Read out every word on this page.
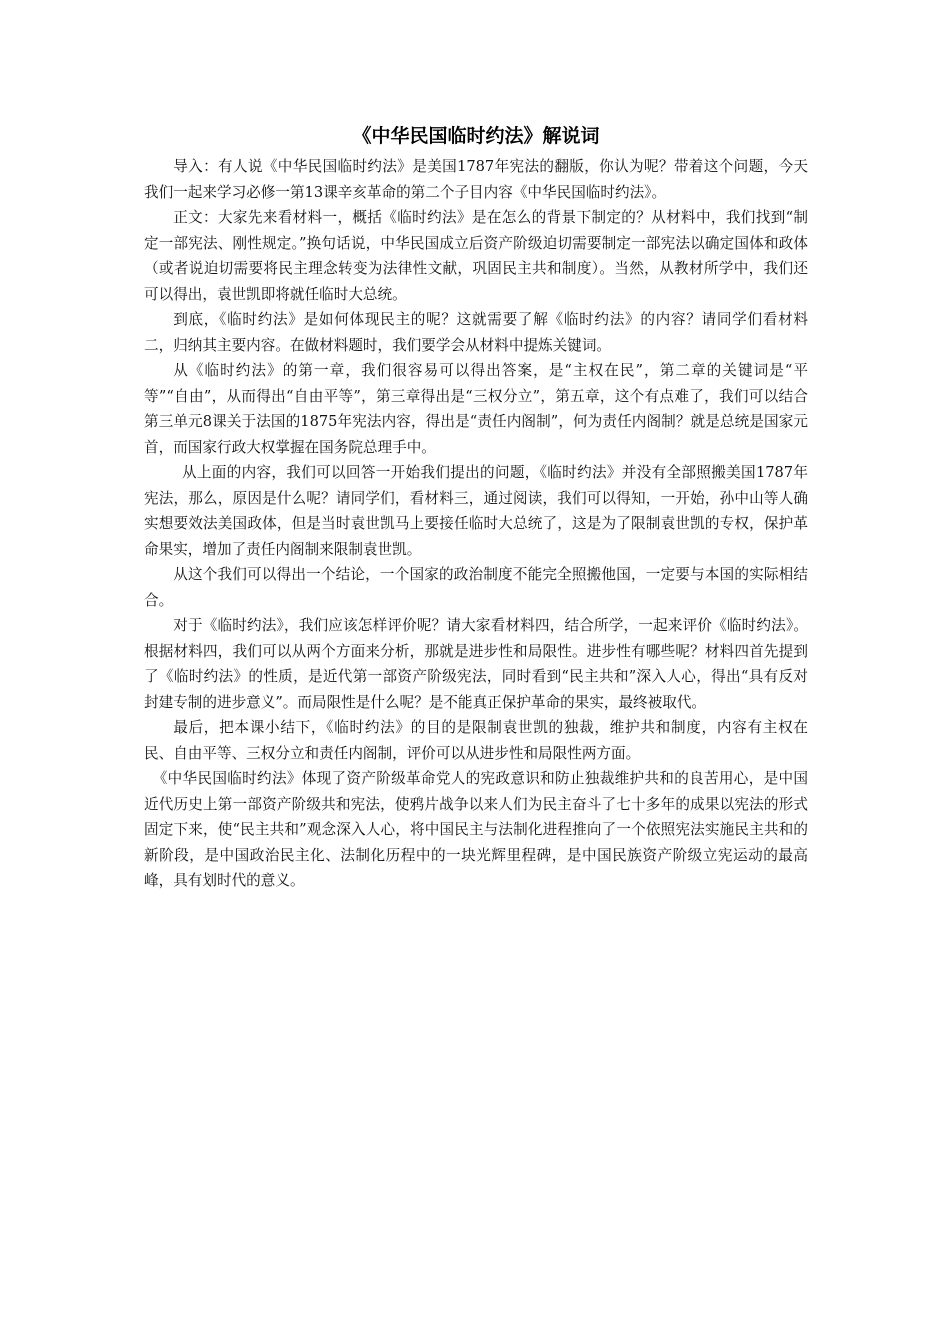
《中华民国临时约法》解说词

导入：有人说《中华民国临时约法》是美国1787年宪法的翻版，你认为呢？带着这个问题，今天我们一起来学习必修一第13课辛亥革命的第二个子目内容《中华民国临时约法》。

正文：大家先来看材料一，概括《临时约法》是在怎么的背景下制定的？从材料中，我们找到“制定一部宪法、刚性规定。”换句话说，中华民国成立后资产阶级迫切需要制定一部宪法以确定国体和政体（或者说迫切需要将民主理念转变为法律性文献，巩固民主共和制度）。当然，从教材所学中，我们还可以得出，袁世凯即将就任临时大总统。

到底，《临时约法》是如何体现民主的呢？这就需要了解《临时约法》的内容？请同学们看材料二，归纳其主要内容。在做材料题时，我们要学会从材料中提炼关键词。

从《临时约法》的第一章，我们很容易可以得出答案，是“主权在民”，第二章的关键词是“平等”“自由”，从而得出“自由平等”，第三章得出是“三权分立”，第五章，这个有点难了，我们可以结合第三单元8课关于法国的1875年宪法内容，得出是“责任内阁制”，何为责任内阁制？就是总统是国家元首，而国家行政大权掌握在国务院总理手中。

从上面的内容，我们可以回答一开始我们提出的问题，《临时约法》并没有全部照搬美国1787年宪法，那么，原因是什么呢？请同学们，看材料三，通过阅读，我们可以得知，一开始，孙中山等人确实想要效法美国政体，但是当时袁世凯马上要接任临时大总统了，这是为了限制袁世凯的专权，保护革命果实，增加了责任内阁制来限制袁世凯。

从这个我们可以得出一个结论，一个国家的政治制度不能完全照搬他国，一定要与本国的实际相结合。

对于《临时约法》，我们应该怎样评价呢？请大家看材料四，结合所学，一起来评价《临时约法》。根据材料四，我们可以从两个方面来分析，那就是进步性和局限性。进步性有哪些呢？材料四首先提到了《临时约法》的性质，是近代第一部资产阶级宪法，同时看到“民主共和”深入人心，得出“具有反对封建专制的进步意义”。而局限性是什么呢？是不能真正保护革命的果实，最终被取代。

最后，把本课小结下，《临时约法》的目的是限制袁世凯的独裁，维护共和制度，内容有主权在民、自由平等、三权分立和责任内阁制，评价可以从进步性和局限性两方面。

《中华民国临时约法》体现了资产阶级革命党人的宪政意识和防止独裁维护共和的良苦用心，是中国近代历史上第一部资产阶级共和宪法，使鸦片战争以来人们为民主奋斗了七十多年的成果以宪法的形式固定下来，使“民主共和”观念深入人心，将中国民主与法制化进程推向了一个依照宪法实施民主共和的新阶段，是中国政治民主化、法制化历程中的一块光辉里程碑，是中国民族资产阶级立宪运动的最高峰，具有划时代的意义。
